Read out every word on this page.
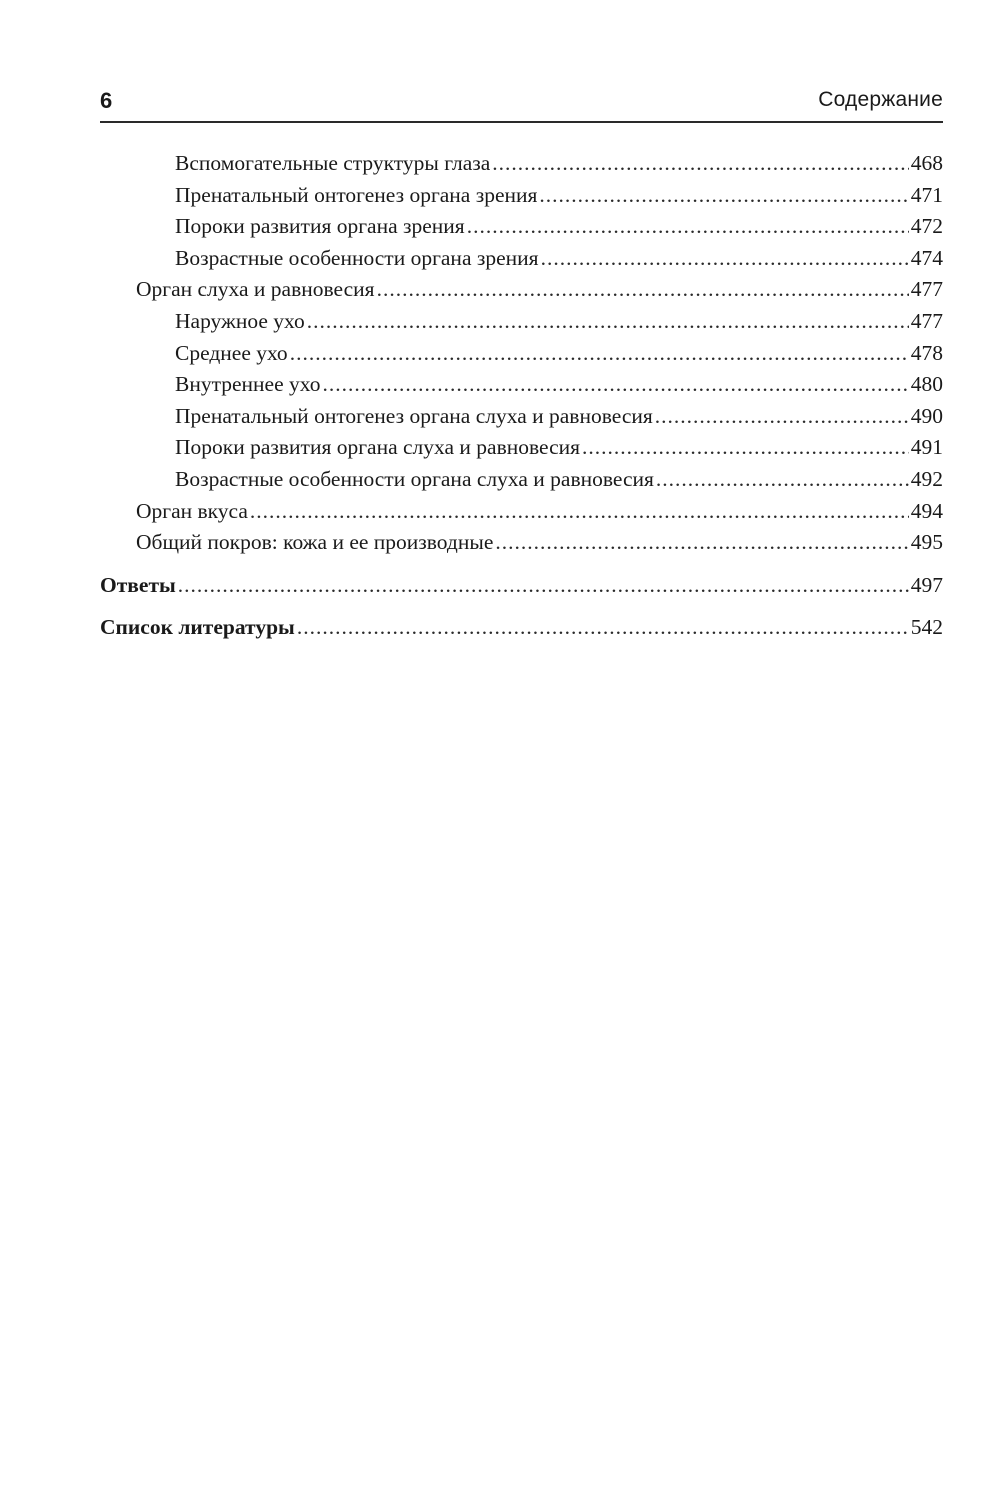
6	Содержание
Вспомогательные структуры глаза .....	468
Пренатальный онтогенез органа зрения .....	471
Пороки развития органа зрения .....	472
Возрастные особенности органа зрения .....	474
Орган слуха и равновесия .....	477
Наружное ухо .....	477
Среднее ухо .....	478
Внутреннее ухо .....	480
Пренатальный онтогенез органа слуха и равновесия .....	490
Пороки развития органа слуха и равновесия .....	491
Возрастные особенности органа слуха и равновесия .....	492
Орган вкуса .....	494
Общий покров: кожа и ее производные .....	495
Ответы .....	497
Список литературы .....	542
